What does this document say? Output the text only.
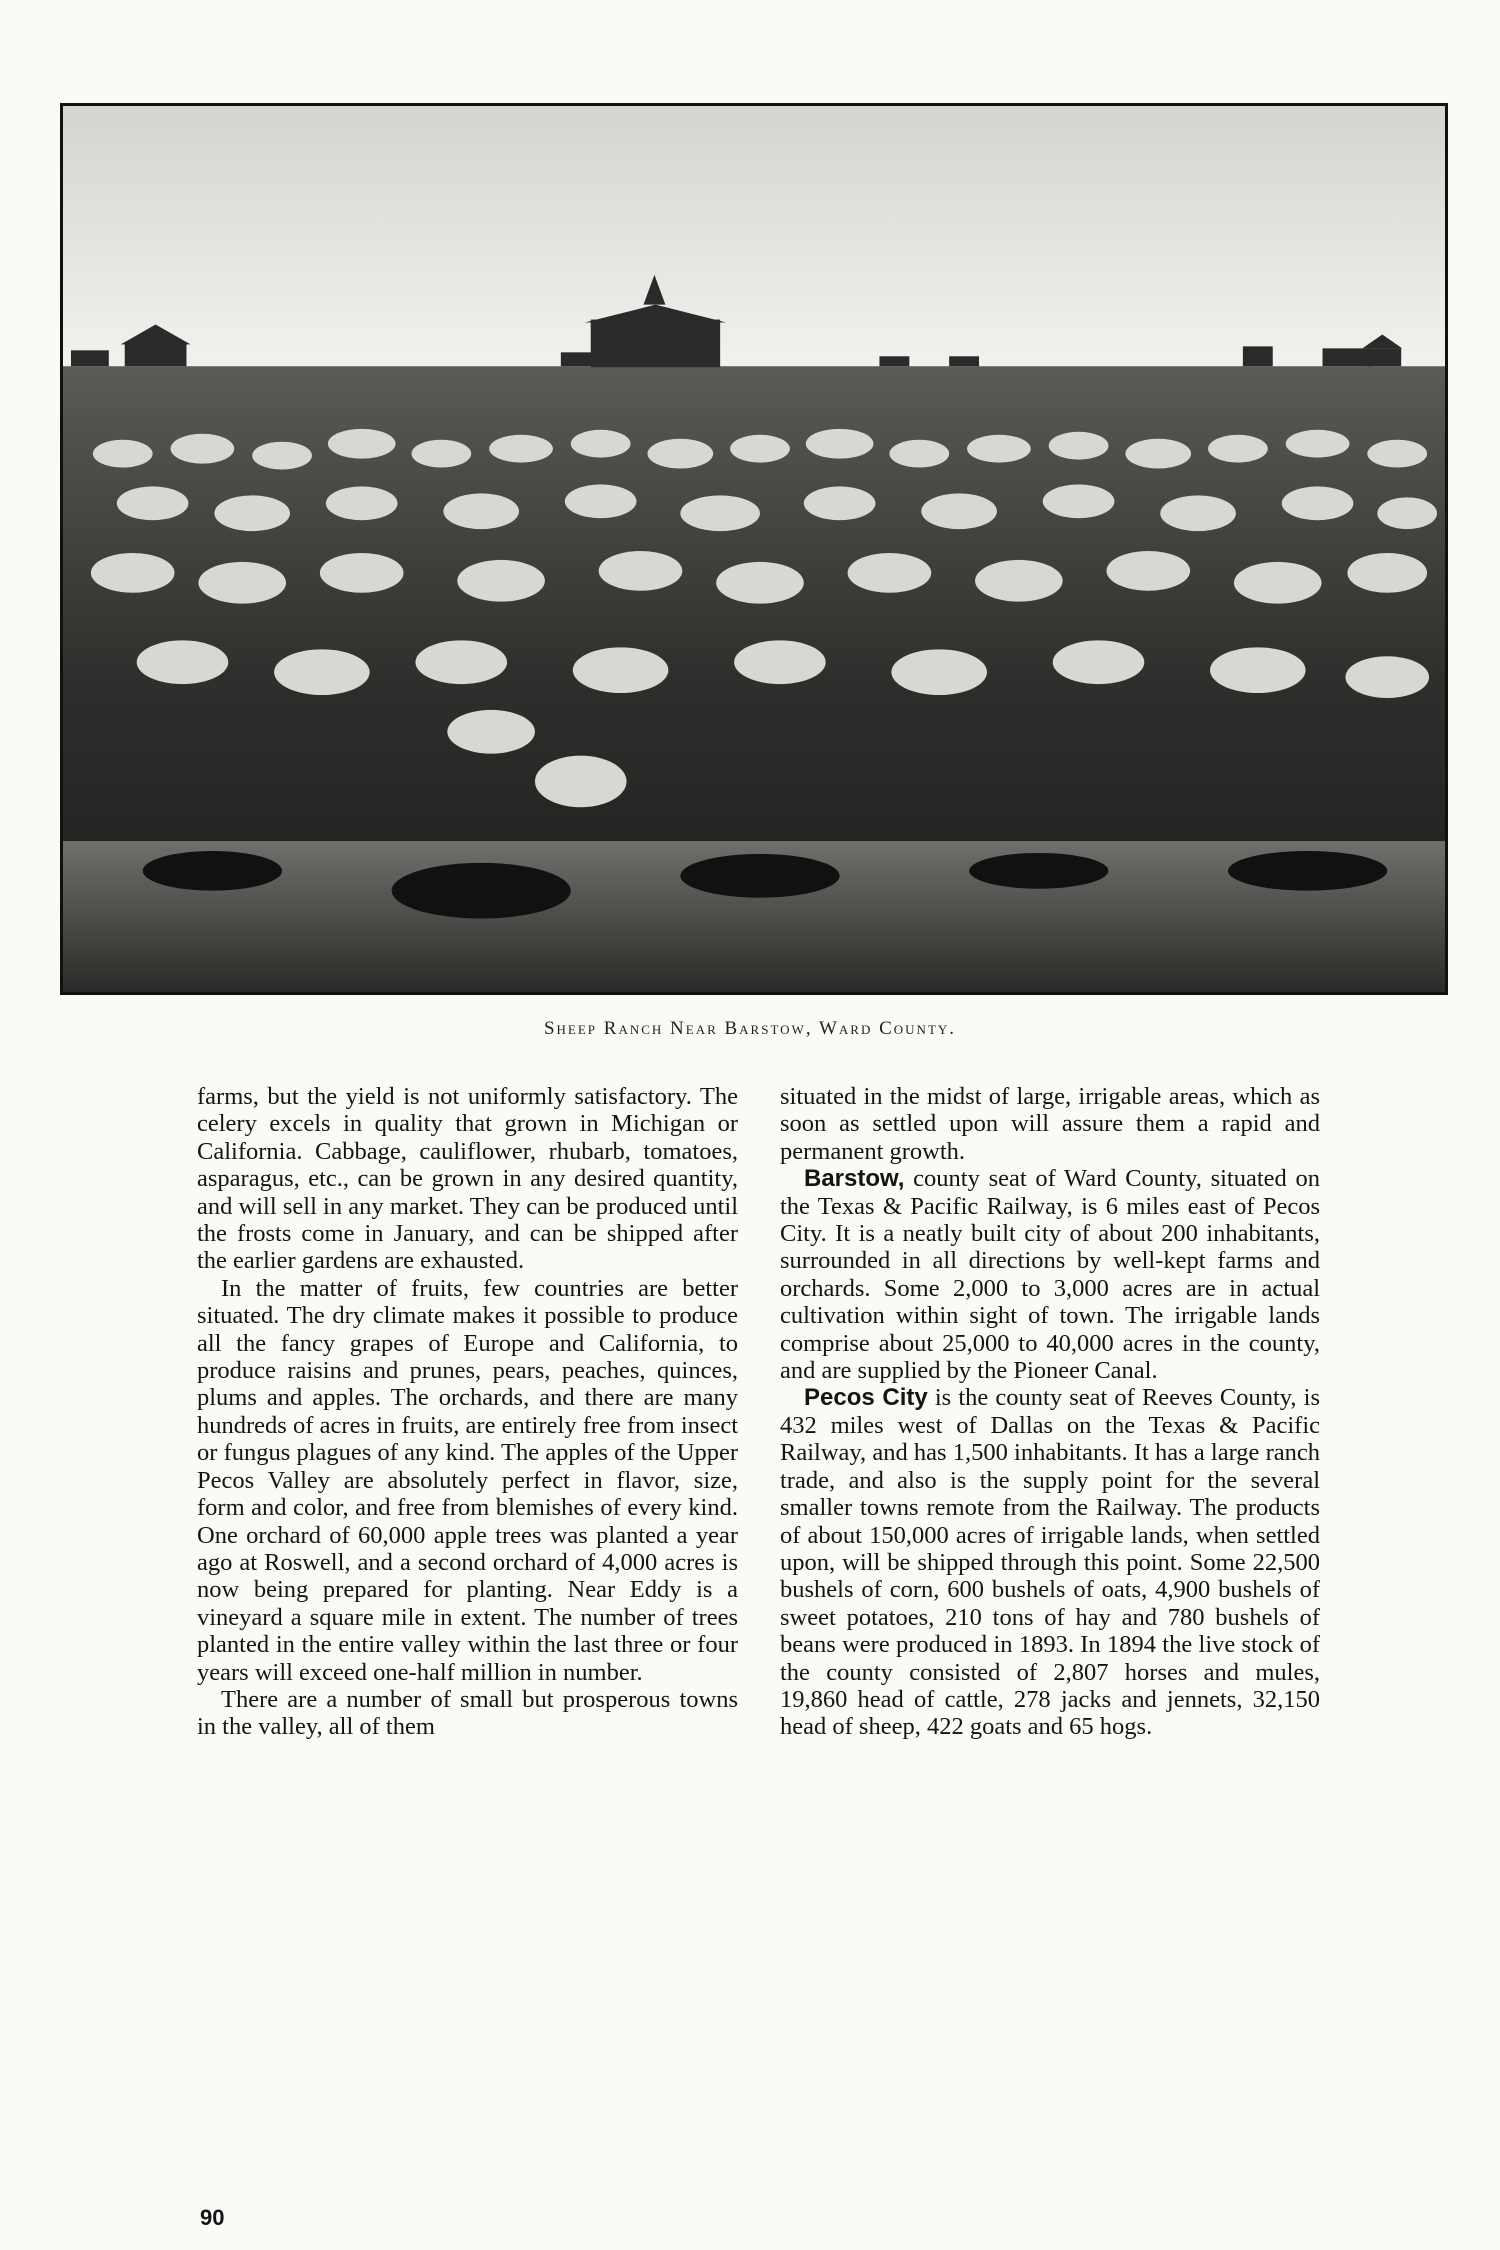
Sheep Ranch Near Barstow, Ward County.

farms, but the yield is not uniformly satisfactory. The celery excels in quality that grown in Michigan or California. Cabbage, cauliflower, rhubarb, tomatoes, asparagus, etc., can be grown in any desired quantity, and will sell in any market. They can be produced until the frosts come in January, and can be shipped after the earlier gardens are exhausted.

In the matter of fruits, few countries are better situated. The dry climate makes it possible to produce all the fancy grapes of Europe and California, to produce raisins and prunes, pears, peaches, quinces, plums and apples. The orchards, and there are many hundreds of acres in fruits, are entirely free from insect or fungus plagues of any kind. The apples of the Upper Pecos Valley are absolutely perfect in flavor, size, form and color, and free from blemishes of every kind. One orchard of 60,000 apple trees was planted a year ago at Roswell, and a second orchard of 4,000 acres is now being prepared for planting. Near Eddy is a vineyard a square mile in extent. The number of trees planted in the entire valley within the last three or four years will exceed one-half million in number.

There are a number of small but prosperous towns in the valley, all of them

situated in the midst of large, irrigable areas, which as soon as settled upon will assure them a rapid and permanent growth.

Barstow, county seat of Ward County, situated on the Texas & Pacific Railway, is 6 miles east of Pecos City. It is a neatly built city of about 200 inhabitants, surrounded in all directions by well-kept farms and orchards. Some 2,000 to 3,000 acres are in actual cultivation within sight of town. The irrigable lands comprise about 25,000 to 40,000 acres in the county, and are supplied by the Pioneer Canal.

Pecos City is the county seat of Reeves County, is 432 miles west of Dallas on the Texas & Pacific Railway, and has 1,500 inhabitants. It has a large ranch trade, and also is the supply point for the several smaller towns remote from the Railway. The products of about 150,000 acres of irrigable lands, when settled upon, will be shipped through this point. Some 22,500 bushels of corn, 600 bushels of oats, 4,900 bushels of sweet potatoes, 210 tons of hay and 780 bushels of beans were produced in 1893. In 1894 the live stock of the county consisted of 2,807 horses and mules, 19,860 head of cattle, 278 jacks and jennets, 32,150 head of sheep, 422 goats and 65 hogs.

90
